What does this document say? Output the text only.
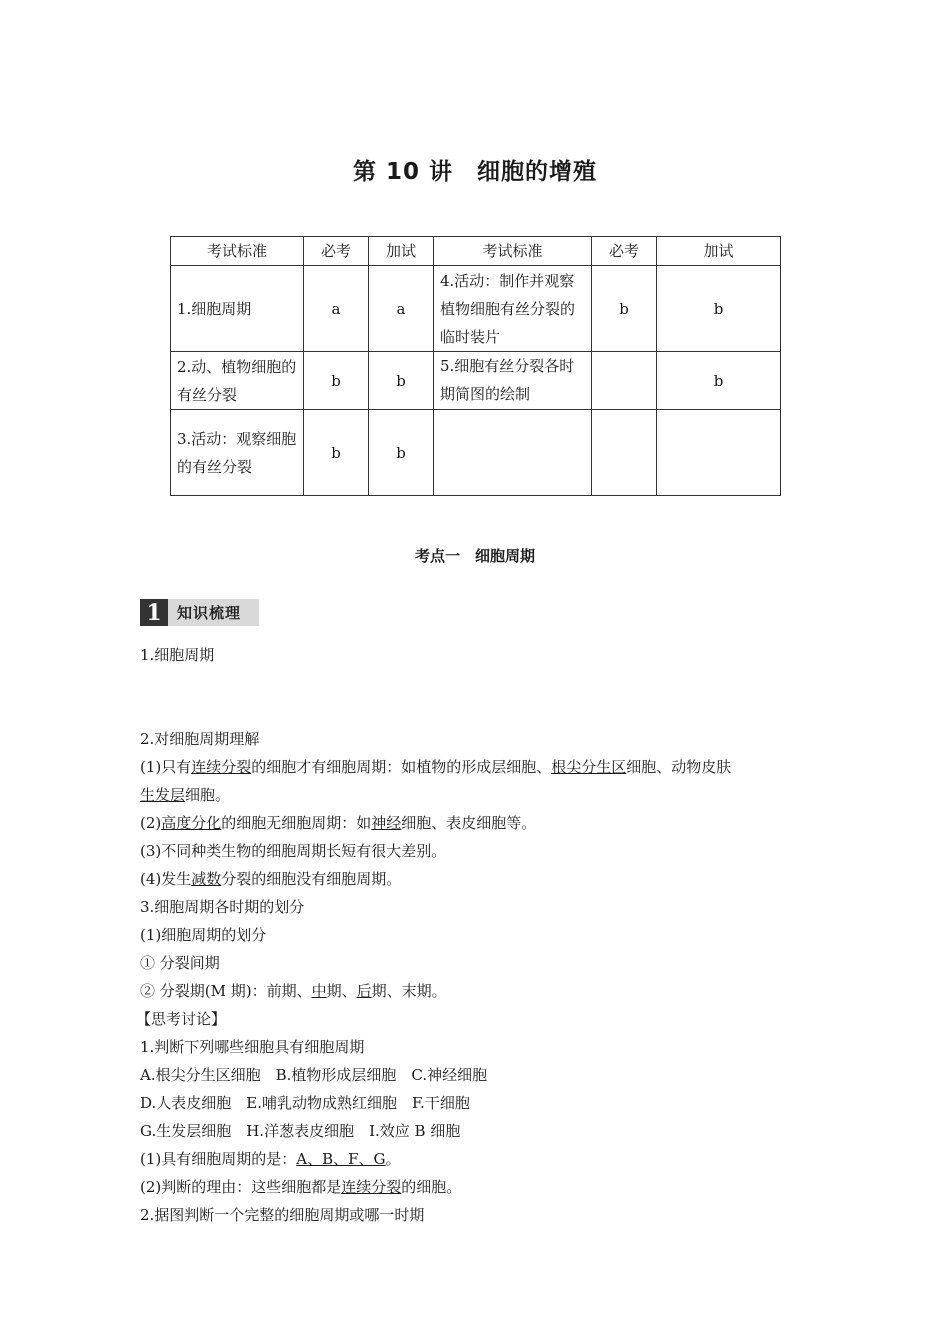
第 10 讲　细胞的增殖
考试标准	必考	加试	考试标准	必考	加试
1.细胞周期	a	a	4.活动：制作并观察植物细胞有丝分裂的临时装片	b	b
2.动、植物细胞的有丝分裂	b	b	5.细胞有丝分裂各时期简图的绘制		b
3.活动：观察细胞的有丝分裂	b	b			
考点一　细胞周期
1	知识梳理
1.细胞周期
2.对细胞周期理解
(1)只有连续分裂的细胞才有细胞周期：如植物的形成层细胞、根尖分生区细胞、动物皮肤
生发层细胞。
(2)高度分化的细胞无细胞周期：如神经细胞、表皮细胞等。
(3)不同种类生物的细胞周期长短有很大差别。
(4)发生减数分裂的细胞没有细胞周期。
3.细胞周期各时期的划分
(1)细胞周期的划分
① 分裂间期
② 分裂期(M 期)：前期、中期、后期、末期。
【思考讨论】
1.判断下列哪些细胞具有细胞周期
A.根尖分生区细胞　B.植物形成层细胞　C.神经细胞
D.人表皮细胞　E.哺乳动物成熟红细胞　F.干细胞
G.生发层细胞　H.洋葱表皮细胞　I.效应 B 细胞
(1)具有细胞周期的是：A、B、F、G。
(2)判断的理由：这些细胞都是连续分裂的细胞。
2.据图判断一个完整的细胞周期或哪一时期
